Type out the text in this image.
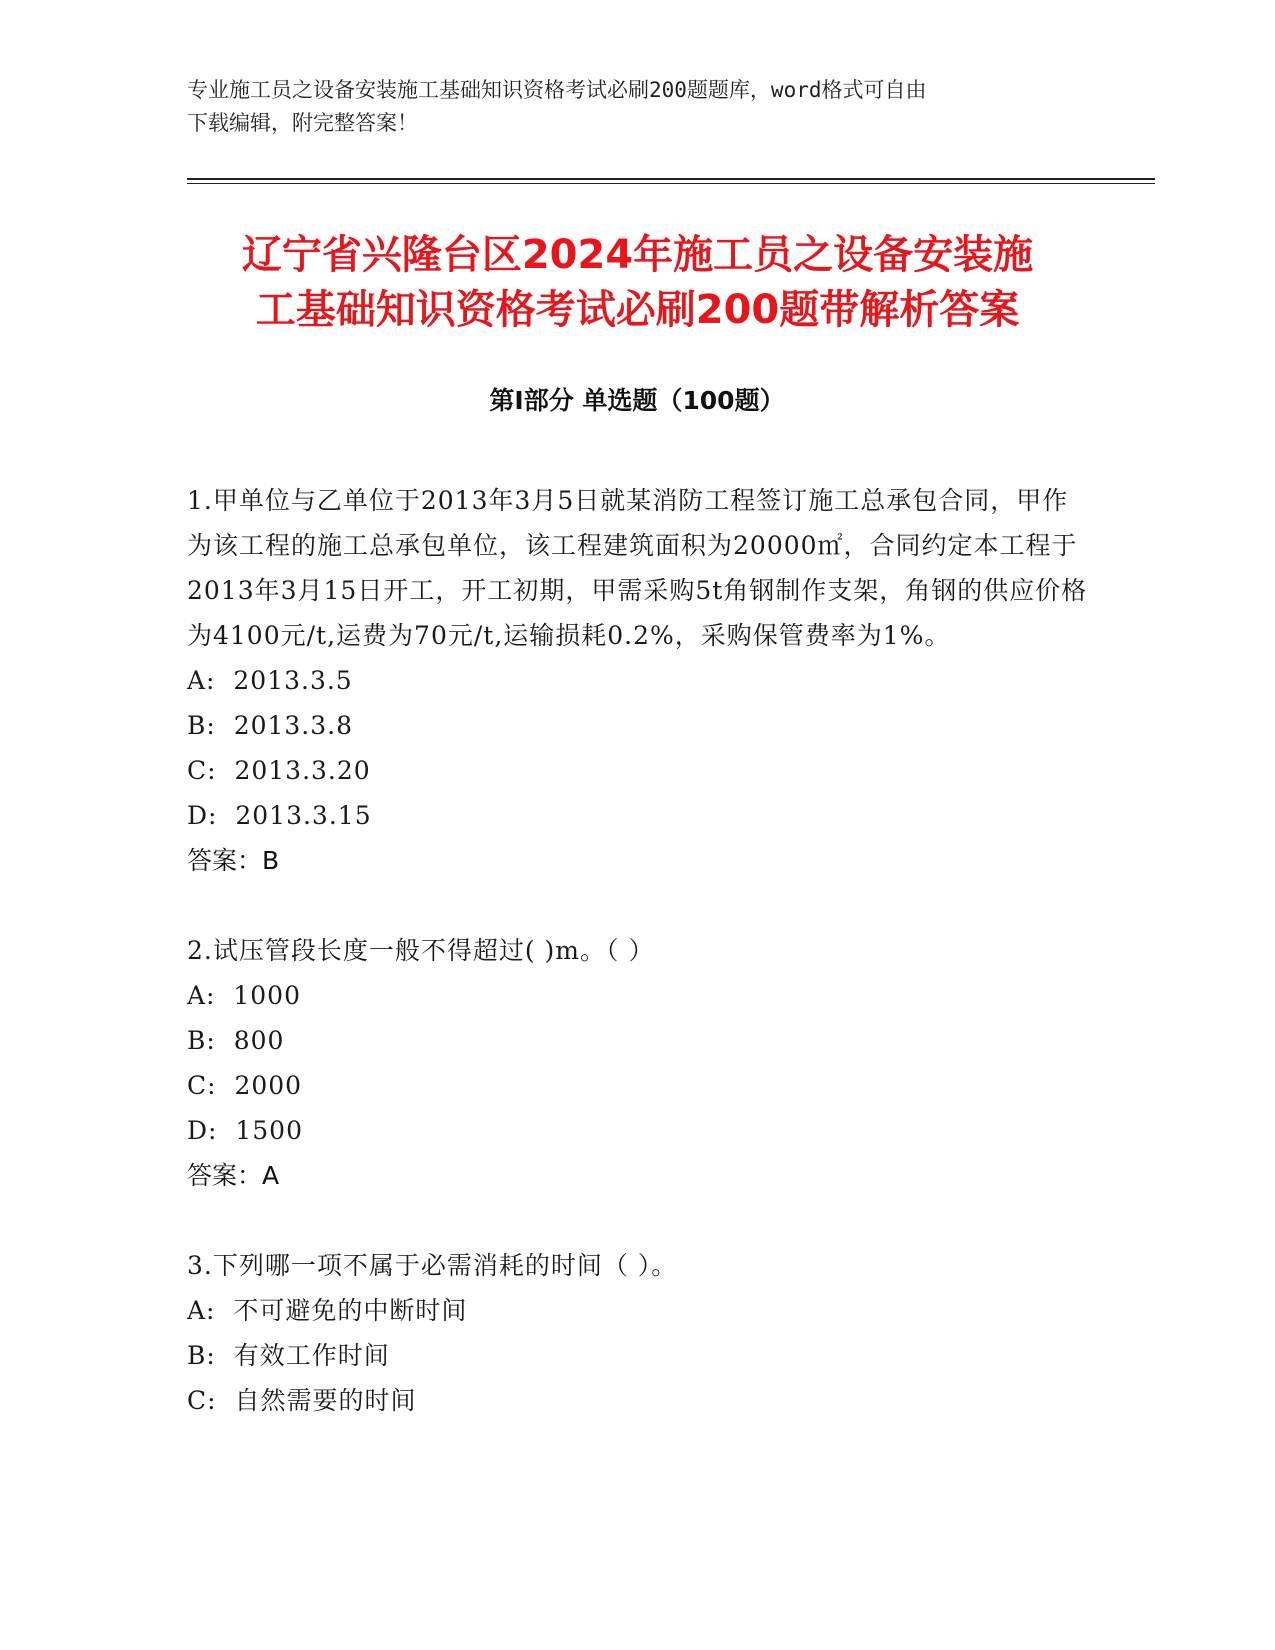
专业施工员之设备安装施工基础知识资格考试必刷200题题库，word格式可自由
下载编辑，附完整答案！
辽宁省兴隆台区2024年施工员之设备安装施
工基础知识资格考试必刷200题带解析答案
第Ⅰ部分 单选题（100题）

1.甲单位与乙单位于2013年3月5日就某消防工程签订施工总承包合同，甲作为该工程的施工总承包单位，该工程建筑面积为20000㎡，合同约定本工程于2013年3月15日开工，开工初期，甲需采购5t角钢制作支架，角钢的供应价格为4100元/t,运费为70元/t,运输损耗0.2%，采购保管费率为1%。

A:  2013.3.5

B:  2013.3.8

C:  2013.3.20

D:  2013.3.15

答案：B

2.试压管段长度一般不得超过( )m。（ ）

A:  1000

B:  800

C:  2000

D:  1500

答案：A

3.下列哪一项不属于必需消耗的时间（ ）。

A:  不可避免的中断时间

B:  有效工作时间

C:  自然需要的时间
